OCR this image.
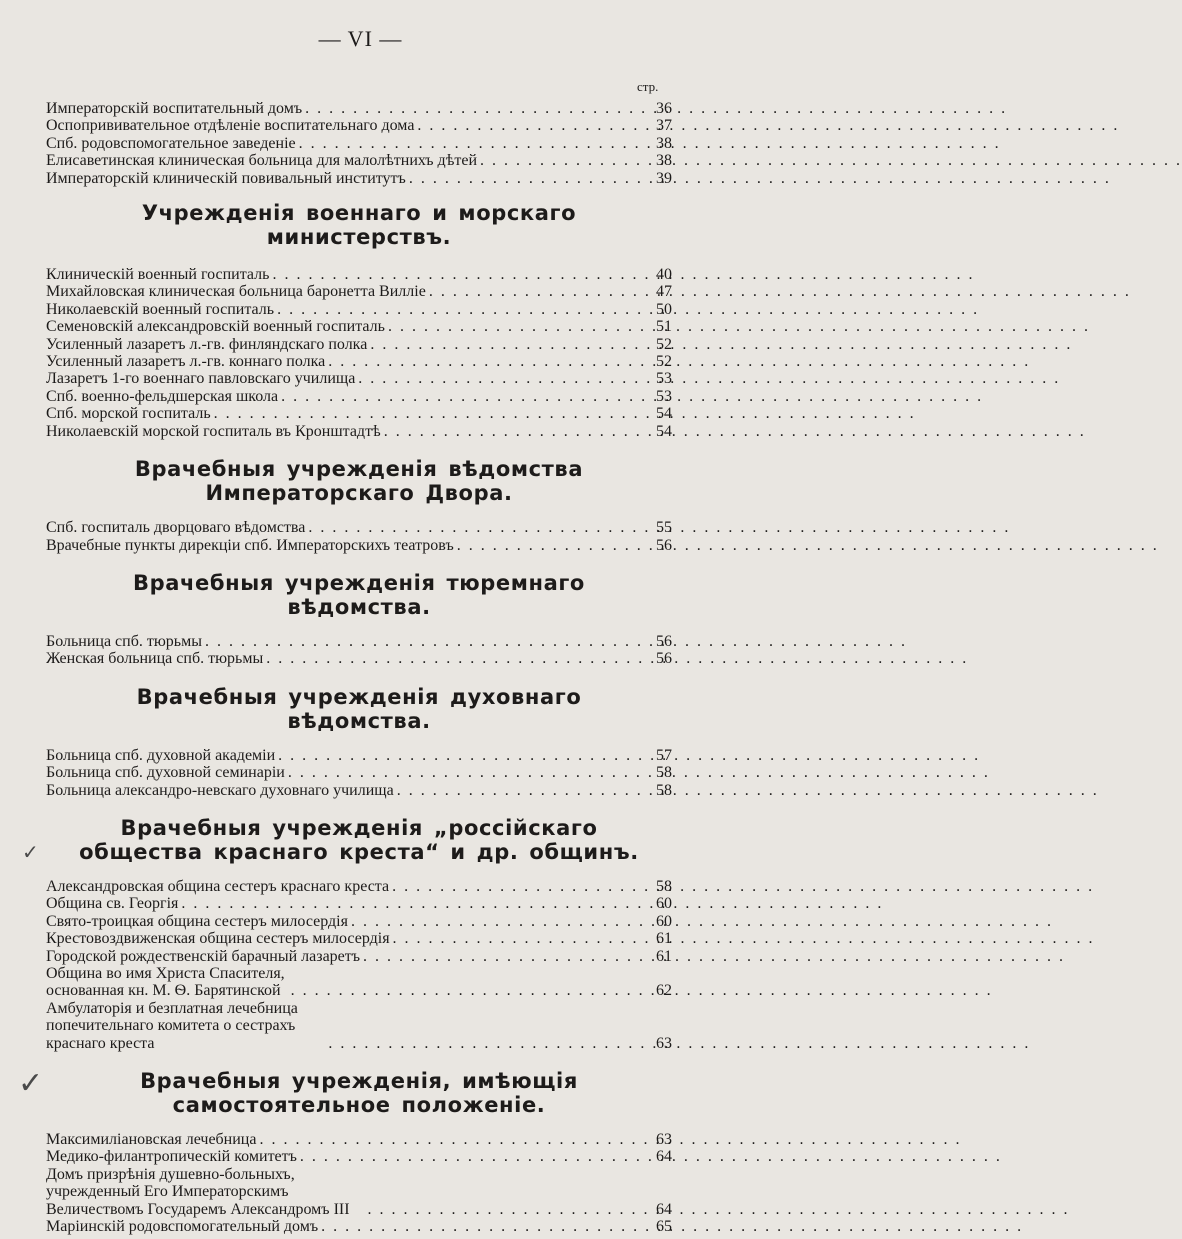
— VI —
стр.
✓
✓
Императорскій воспитательный домъ . . .	36
Оспопрививательное отдѣленіе воспитательнаго дома . . .	37
Спб. родовспомогательное заведеніе . . .	38
Елисаветинская клиническая больница для малолѣтнихъ дѣтей . . .	38
Императорскій клиническій повивальный институтъ . . .	39
Учрежденія военнаго и морскаго министерствъ.
Клиническій военный госпиталь . . .	40
Михайловская клиническая больница баронетта Вилліе . . .	47
Николаевскій военный госпиталь . . .	50
Семеновскій александровскій военный госпиталь . . .	51
Усиленный лазаретъ л.-гв. финляндскаго полка . . .	52
Усиленный лазаретъ л.-гв. коннаго полка . . .	52
Лазаретъ 1-го военнаго павловскаго училища . . .	53
Спб. военно-фельдшерская школа . . .	53
Спб. морской госпиталь . . .	54
Николаевскій морской госпиталь въ Кронштадтѣ . . .	54
Врачебныя учрежденія вѣдомства Императорскаго Двора.
Спб. госпиталь дворцоваго вѣдомства . . .	55
Врачебные пункты дирекціи спб. Императорскихъ театровъ . . .	56
Врачебныя учрежденія тюремнаго вѣдомства.
Больница спб. тюрьмы . . .	56
Женская больница спб. тюрьмы . . .	56
Врачебныя учрежденія духовнаго вѣдомства.
Больница спб. духовной академіи . . .	57
Больница спб. духовной семинаріи . . .	58
Больница александро-невскаго духовнаго училища . . .	58
Врачебныя учрежденія „россійскаго общества краснаго креста“ и др. общинъ.
Александровская община сестеръ краснаго креста . . .	58
Община св. Георгія . . .	60
Свято-троицкая община сестеръ милосердія . . .	60
Крестовоздвиженская община сестеръ милосердія . . .	61
Городской рождественскій барачный лазаретъ . . .	61
Община во имя Христа Спасителя, основанная кн. М. Ѳ. Барятинской . . .	62
Амбулаторія и безплатная лечебница попечительнаго комитета о сестрахъ краснаго креста . . .	63
Врачебныя учрежденія, имѣющія самостоятельное положеніе.
Максимиліановская лечебница . . .	63
Медико-филантропическій комитетъ . . .	64
Домъ призрѣнія душевно-больныхъ, учрежденный Его Императорскимъ Величествомъ Государемъ Александромъ III . . .	64
Маріинскій родовспомогательный домъ . . .	65
